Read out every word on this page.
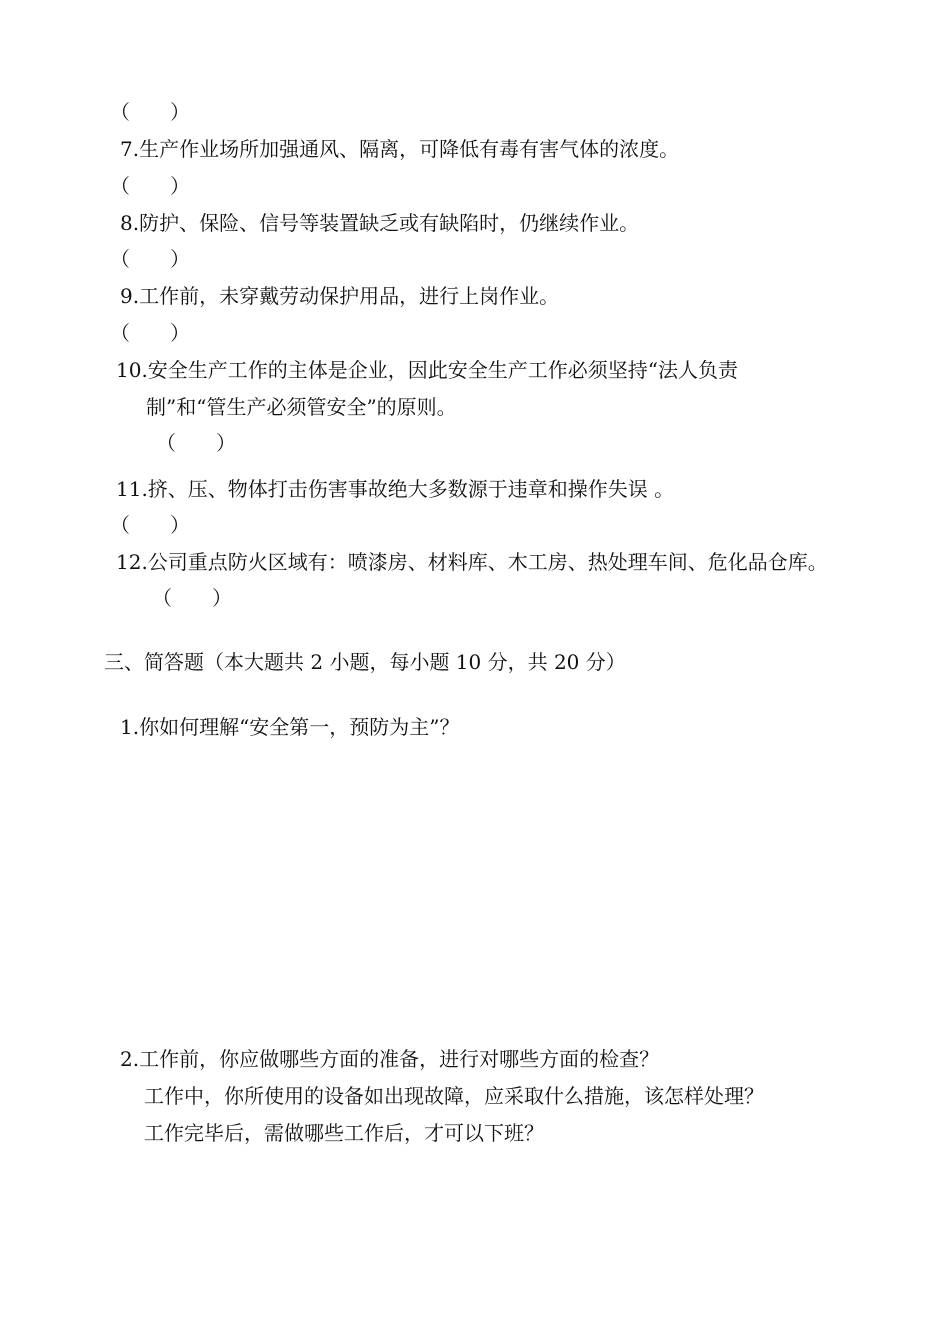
（　　）
7.生产作业场所加强通风、隔离，可降低有毒有害气体的浓度。
（　　）
8.防护、保险、信号等装置缺乏或有缺陷时，仍继续作业。
（　　）
9.工作前，未穿戴劳动保护用品，进行上岗作业。
（　　）
10.安全生产工作的主体是企业，因此安全生产工作必须坚持“法人负责
制”和“管生产必须管安全”的原则。
（　　）
11.挤、压、物体打击伤害事故绝大多数源于违章和操作失误 。
（　　）
12.公司重点防火区域有：喷漆房、材料库、木工房、热处理车间、危化品仓库。
（　　）
三、简答题（本大题共 2 小题，每小题 10 分，共 20 分）
1.你如何理解“安全第一，预防为主”？
2.工作前，你应做哪些方面的准备，进行对哪些方面的检查？
工作中，你所使用的设备如出现故障，应采取什么措施，该怎样处理？
工作完毕后，需做哪些工作后，才可以下班？
